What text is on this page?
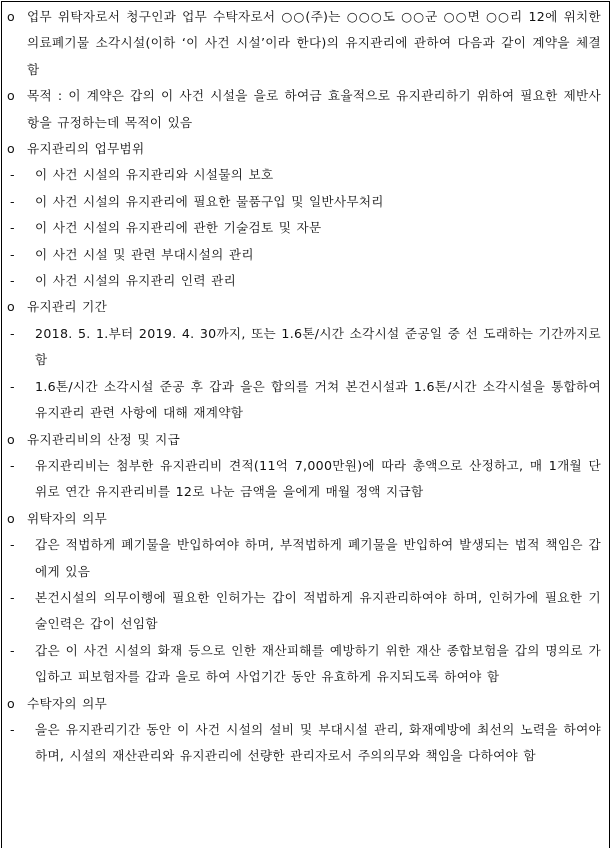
o 업무 위탁자로서 청구인과 업무 수탁자로서 ○○(주)는 ○○○도 ○○군 ○○면 ○○리 12에 위치한 의료폐기물 소각시설(이하 ‘이 사건 시설’이라 한다)의 유지관리에 관하여 다음과 같이 계약을 체결함
o 목적 : 이 계약은 갑의 이 사건 시설을 을로 하여금 효율적으로 유지관리하기 위하여 필요한 제반사항을 규정하는데 목적이 있음
o 유지관리의 업무범위
- 이 사건 시설의 유지관리와 시설물의 보호
- 이 사건 시설의 유지관리에 필요한 물품구입 및 일반사무처리
- 이 사건 시설의 유지관리에 관한 기술검토 및 자문
- 이 사건 시설 및 관련 부대시설의 관리
- 이 사건 시설의 유지관리 인력 관리
o 유지관리 기간
- 2018. 5. 1.부터 2019. 4. 30까지, 또는 1.6톤/시간 소각시설 준공일 중 선 도래하는 기간까지로 함
- 1.6톤/시간 소각시설 준공 후 갑과 을은 합의를 거쳐 본건시설과 1.6톤/시간 소각시설을 통합하여 유지관리 관련 사항에 대해 재계약함
o 유지관리비의 산정 및 지급
- 유지관리비는 첨부한 유지관리비 견적(11억 7,000만원)에 따라 총액으로 산정하고, 매 1개월 단위로 연간 유지관리비를 12로 나눈 금액을 을에게 매월 정액 지급함
o 위탁자의 의무
- 갑은 적법하게 폐기물을 반입하여야 하며, 부적법하게 폐기물을 반입하여 발생되는 법적 책임은 갑에게 있음
- 본건시설의 의무이행에 필요한 인허가는 갑이 적법하게 유지관리하여야 하며, 인허가에 필요한 기술인력은 갑이 선임함
- 갑은 이 사건 시설의 화재 등으로 인한 재산피해를 예방하기 위한 재산 종합보험을 갑의 명의로 가입하고 피보험자를 갑과 을로 하여 사업기간 동안 유효하게 유지되도록 하여야 함
o 수탁자의 의무
- 을은 유지관리기간 동안 이 사건 시설의 설비 및 부대시설 관리, 화재예방에 최선의 노력을 하여야 하며, 시설의 재산관리와 유지관리에 선량한 관리자로서 주의의무와 책임을 다하여야 함
